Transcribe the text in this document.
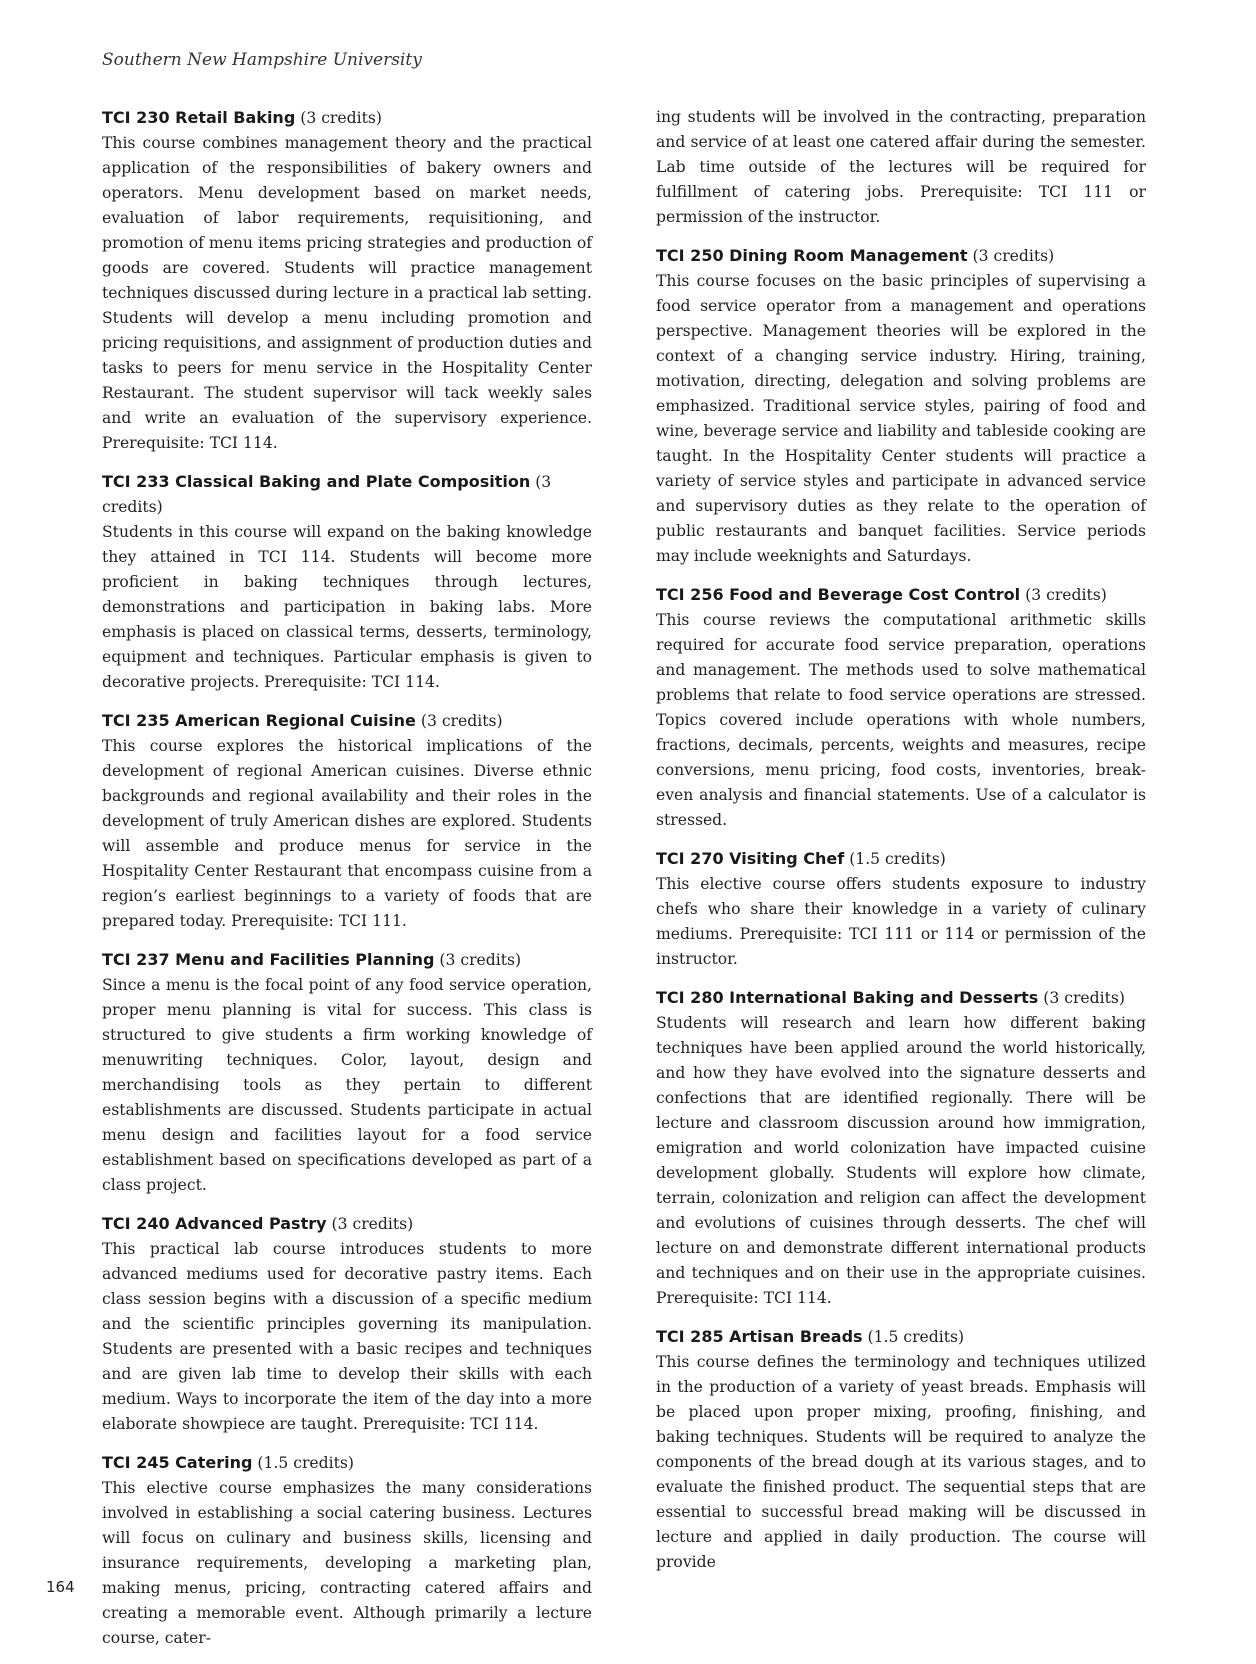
Southern New Hampshire University
TCI 230 Retail Baking (3 credits)
This course combines management theory and the practical application of the responsibilities of bakery owners and operators. Menu development based on market needs, evaluation of labor requirements, requisitioning, and promotion of menu items pricing strategies and production of goods are covered. Students will practice management techniques discussed during lecture in a practical lab setting. Students will develop a menu including promotion and pricing requisitions, and assignment of production duties and tasks to peers for menu service in the Hospitality Center Restaurant. The student supervisor will tack weekly sales and write an evaluation of the supervisory experience. Prerequisite: TCI 114.
TCI 233 Classical Baking and Plate Composition (3 credits)
Students in this course will expand on the baking knowledge they attained in TCI 114. Students will become more proficient in baking techniques through lectures, demonstrations and participation in baking labs. More emphasis is placed on classical terms, desserts, terminology, equipment and techniques. Particular emphasis is given to decorative projects. Prerequisite: TCI 114.
TCI 235 American Regional Cuisine (3 credits)
This course explores the historical implications of the development of regional American cuisines. Diverse ethnic backgrounds and regional availability and their roles in the development of truly American dishes are explored. Students will assemble and produce menus for service in the Hospitality Center Restaurant that encompass cuisine from a region’s earliest beginnings to a variety of foods that are prepared today. Prerequisite: TCI 111.
TCI 237 Menu and Facilities Planning (3 credits)
Since a menu is the focal point of any food service operation, proper menu planning is vital for success. This class is structured to give students a firm working knowledge of menuwriting techniques. Color, layout, design and merchandising tools as they pertain to different establishments are discussed. Students participate in actual menu design and facilities layout for a food service establishment based on specifications developed as part of a class project.
TCI 240 Advanced Pastry (3 credits)
This practical lab course introduces students to more advanced mediums used for decorative pastry items. Each class session begins with a discussion of a specific medium and the scientific principles governing its manipulation. Students are presented with a basic recipes and techniques and are given lab time to develop their skills with each medium. Ways to incorporate the item of the day into a more elaborate showpiece are taught. Prerequisite: TCI 114.
TCI 245 Catering (1.5 credits)
This elective course emphasizes the many considerations involved in establishing a social catering business. Lectures will focus on culinary and business skills, licensing and insurance requirements, developing a marketing plan, making menus, pricing, contracting catered affairs and creating a memorable event. Although primarily a lecture course, cater-
ing students will be involved in the contracting, preparation and service of at least one catered affair during the semester. Lab time outside of the lectures will be required for fulfillment of catering jobs. Prerequisite: TCI 111 or permission of the instructor.
TCI 250 Dining Room Management (3 credits)
This course focuses on the basic principles of supervising a food service operator from a management and operations perspective. Management theories will be explored in the context of a changing service industry. Hiring, training, motivation, directing, delegation and solving problems are emphasized. Traditional service styles, pairing of food and wine, beverage service and liability and tableside cooking are taught. In the Hospitality Center students will practice a variety of service styles and participate in advanced service and supervisory duties as they relate to the operation of public restaurants and banquet facilities. Service periods may include weeknights and Saturdays.
TCI 256 Food and Beverage Cost Control (3 credits)
This course reviews the computational arithmetic skills required for accurate food service preparation, operations and management. The methods used to solve mathematical problems that relate to food service operations are stressed. Topics covered include operations with whole numbers, fractions, decimals, percents, weights and measures, recipe conversions, menu pricing, food costs, inventories, break-even analysis and financial statements. Use of a calculator is stressed.
TCI 270 Visiting Chef (1.5 credits)
This elective course offers students exposure to industry chefs who share their knowledge in a variety of culinary mediums. Prerequisite: TCI 111 or 114 or permission of the instructor.
TCI 280 International Baking and Desserts (3 credits)
Students will research and learn how different baking techniques have been applied around the world historically, and how they have evolved into the signature desserts and confections that are identified regionally. There will be lecture and classroom discussion around how immigration, emigration and world colonization have impacted cuisine development globally. Students will explore how climate, terrain, colonization and religion can affect the development and evolutions of cuisines through desserts. The chef will lecture on and demonstrate different international products and techniques and on their use in the appropriate cuisines. Prerequisite: TCI 114.
TCI 285 Artisan Breads (1.5 credits)
This course defines the terminology and techniques utilized in the production of a variety of yeast breads. Emphasis will be placed upon proper mixing, proofing, finishing, and baking techniques. Students will be required to analyze the components of the bread dough at its various stages, and to evaluate the finished product. The sequential steps that are essential to successful bread making will be discussed in lecture and applied in daily production. The course will provide
164
